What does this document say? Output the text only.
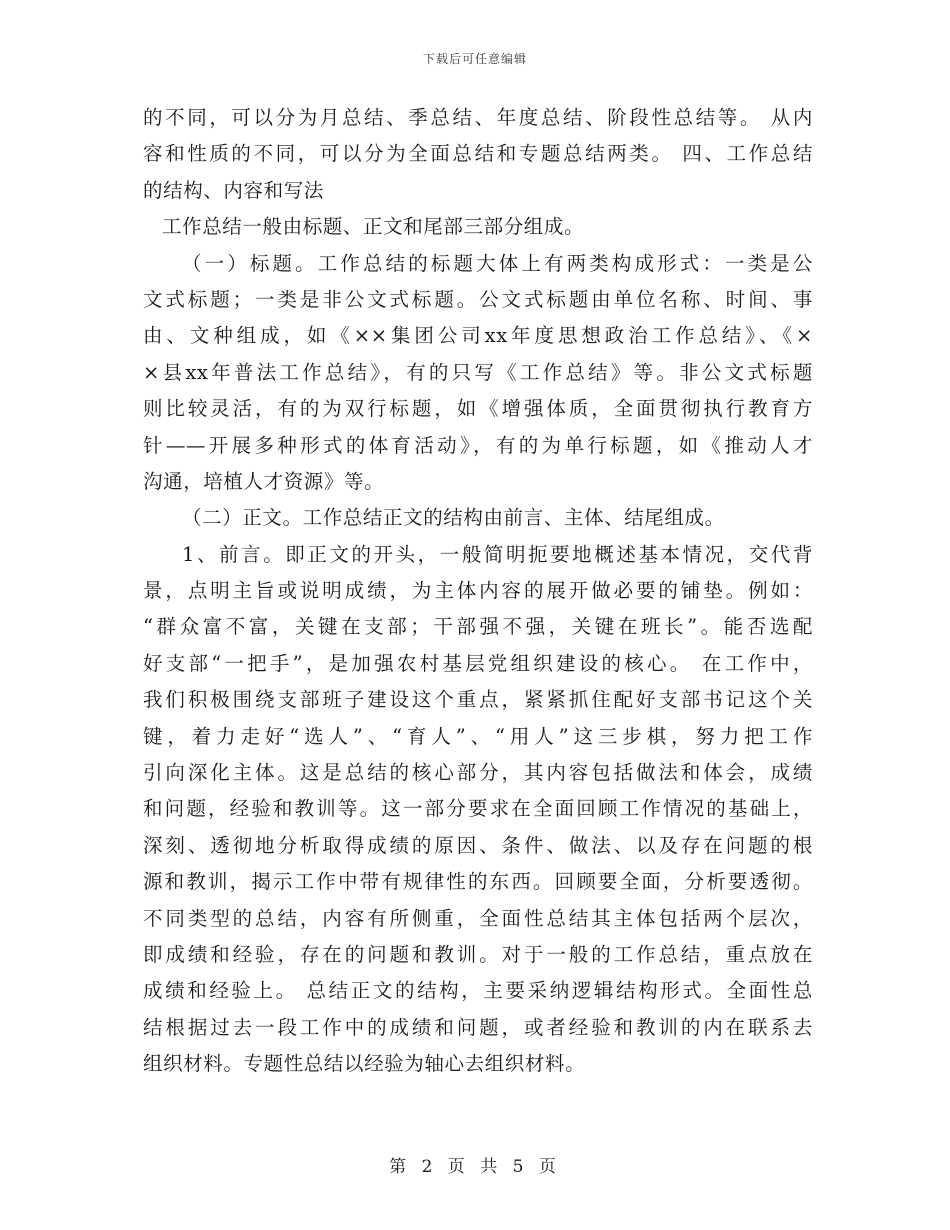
下载后可任意编辑
的不同，可以分为月总结、季总结、年度总结、阶段性总结等。 从内
容和性质的不同，可以分为全面总结和专题总结两类。 四、工作总结
的结构、内容和写法
工作总结一般由标题、正文和尾部三部分组成。
（一）标题。工作总结的标题大体上有两类构成形式：一类是公
文式标题；一类是非公文式标题。公文式标题由单位名称、时间、事
由、文种组成，如《××集团公司xx年度思想政治工作总结》、《×
×县xx年普法工作总结》，有的只写《工作总结》等。非公文式标题
则比较灵活，有的为双行标题，如《增强体质，全面贯彻执行教育方
针——开展多种形式的体育活动》，有的为单行标题，如《推动人才
沟通，培植人才资源》等。
（二）正文。工作总结正文的结构由前言、主体、结尾组成。
1、前言。即正文的开头，一般简明扼要地概述基本情况，交代背
景，点明主旨或说明成绩，为主体内容的展开做必要的铺垫。例如：
“群众富不富，关键在支部；干部强不强，关键在班长”。能否选配
好支部“一把手”，是加强农村基层党组织建设的核心。 在工作中，
我们积极围绕支部班子建设这个重点，紧紧抓住配好支部书记这个关
键，着力走好“选人”、“育人”、“用人”这三步棋，努力把工作
引向深化主体。这是总结的核心部分，其内容包括做法和体会，成绩
和问题，经验和教训等。这一部分要求在全面回顾工作情况的基础上，
深刻、透彻地分析取得成绩的原因、条件、做法、以及存在问题的根
源和教训，揭示工作中带有规律性的东西。回顾要全面，分析要透彻。
不同类型的总结，内容有所侧重，全面性总结其主体包括两个层次，
即成绩和经验，存在的问题和教训。对于一般的工作总结，重点放在
成绩和经验上。 总结正文的结构，主要采纳逻辑结构形式。全面性总
结根据过去一段工作中的成绩和问题，或者经验和教训的内在联系去
组织材料。专题性总结以经验为轴心去组织材料。
第 2 页 共 5 页
